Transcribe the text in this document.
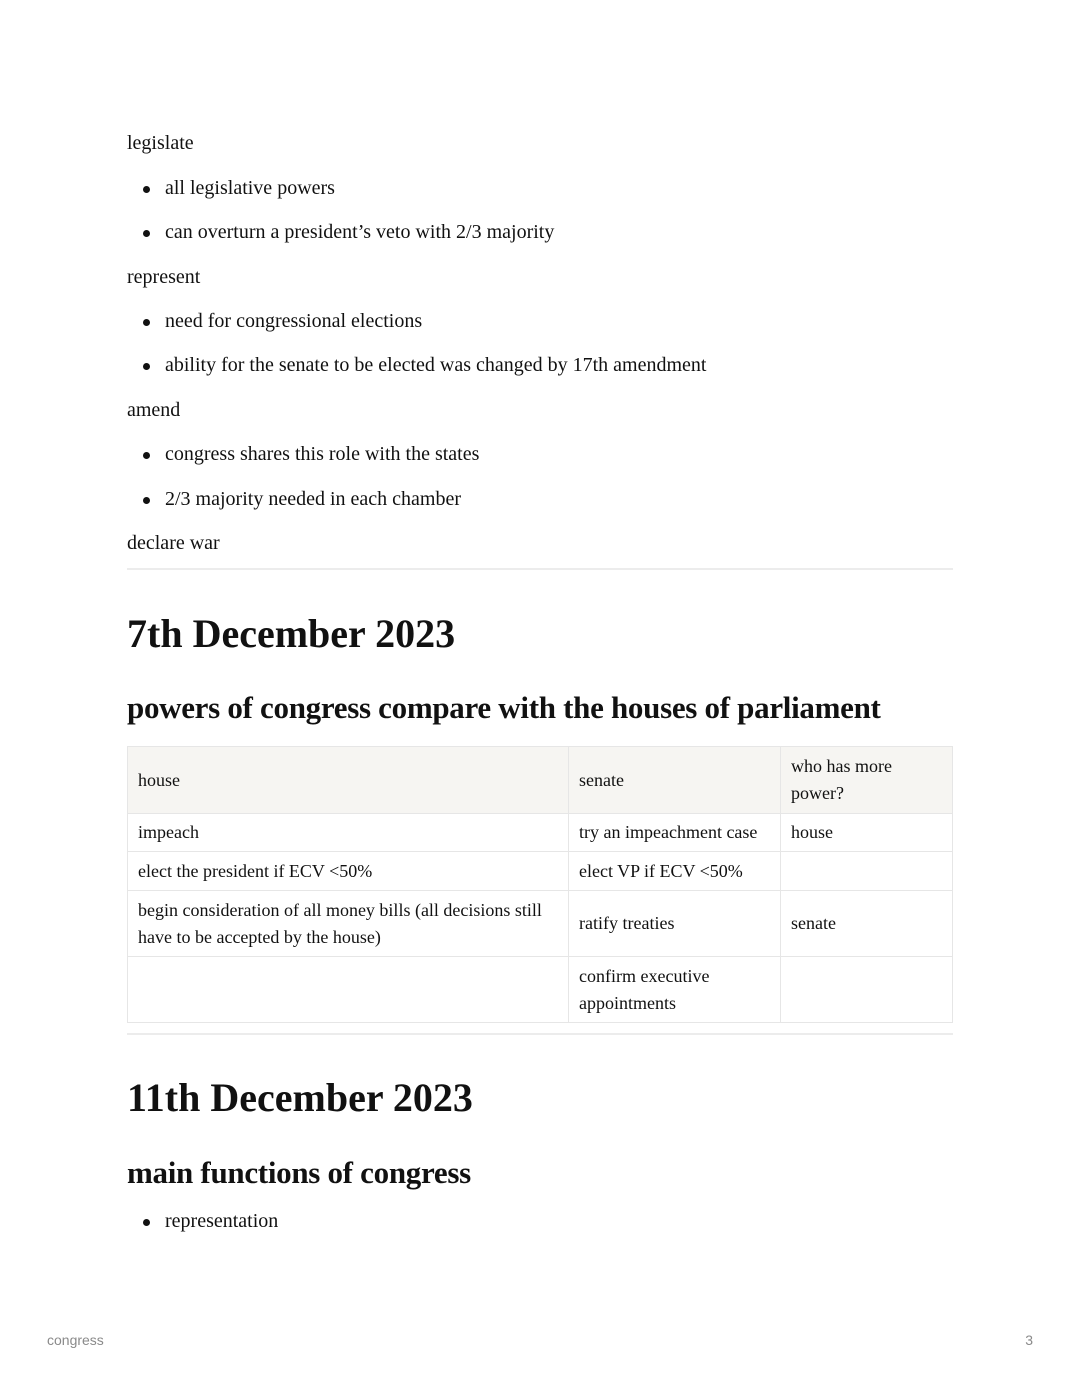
legislate
all legislative powers
can overturn a president’s veto with 2/3 majority
represent
need for congressional elections
ability for the senate to be elected was changed by 17th amendment
amend
congress shares this role with the states
2/3 majority needed in each chamber
declare war
7th December 2023
powers of congress compare with the houses of parliament
house	senate	who has more power?
impeach	try an impeachment case	house
elect the president if ECV <50%	elect VP if ECV <50%	
begin consideration of all money bills (all decisions still have to be accepted by the house)	ratify treaties	senate
	confirm executive appointments	
11th December 2023
main functions of congress
representation
congress	3
